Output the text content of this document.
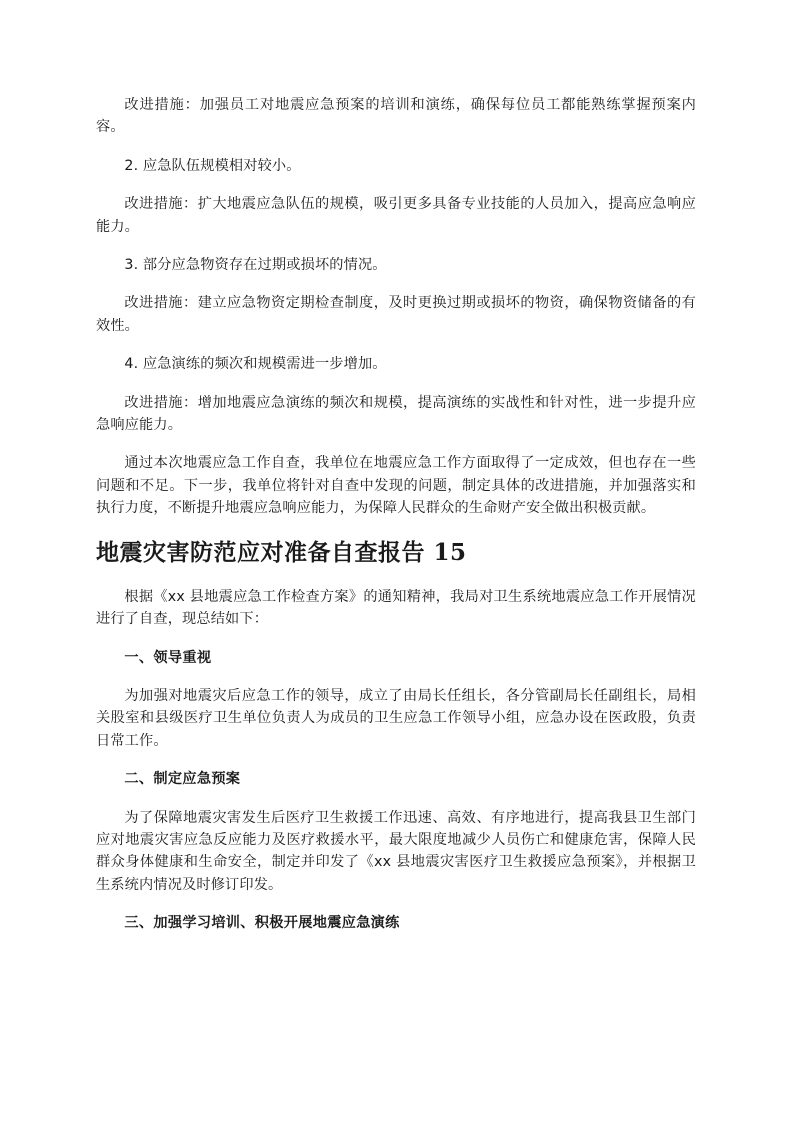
改进措施：加强员工对地震应急预案的培训和演练，确保每位员工都能熟练掌握预案内容。

2. 应急队伍规模相对较小。

改进措施：扩大地震应急队伍的规模，吸引更多具备专业技能的人员加入，提高应急响应能力。

3. 部分应急物资存在过期或损坏的情况。

改进措施：建立应急物资定期检查制度，及时更换过期或损坏的物资，确保物资储备的有效性。

4. 应急演练的频次和规模需进一步增加。

改进措施：增加地震应急演练的频次和规模，提高演练的实战性和针对性，进一步提升应急响应能力。

通过本次地震应急工作自查，我单位在地震应急工作方面取得了一定成效，但也存在一些问题和不足。下一步，我单位将针对自查中发现的问题，制定具体的改进措施，并加强落实和执行力度，不断提升地震应急响应能力，为保障人民群众的生命财产安全做出积极贡献。

地震灾害防范应对准备自查报告 15

根据《xx 县地震应急工作检查方案》的通知精神，我局对卫生系统地震应急工作开展情况进行了自查，现总结如下：

一、领导重视

为加强对地震灾后应急工作的领导，成立了由局长任组长，各分管副局长任副组长，局相关股室和县级医疗卫生单位负责人为成员的卫生应急工作领导小组，应急办设在医政股，负责日常工作。

二、制定应急预案

为了保障地震灾害发生后医疗卫生救援工作迅速、高效、有序地进行，提高我县卫生部门应对地震灾害应急反应能力及医疗救援水平，最大限度地减少人员伤亡和健康危害，保障人民群众身体健康和生命安全，制定并印发了《xx 县地震灾害医疗卫生救援应急预案》，并根据卫生系统内情况及时修订印发。

三、加强学习培训、积极开展地震应急演练
